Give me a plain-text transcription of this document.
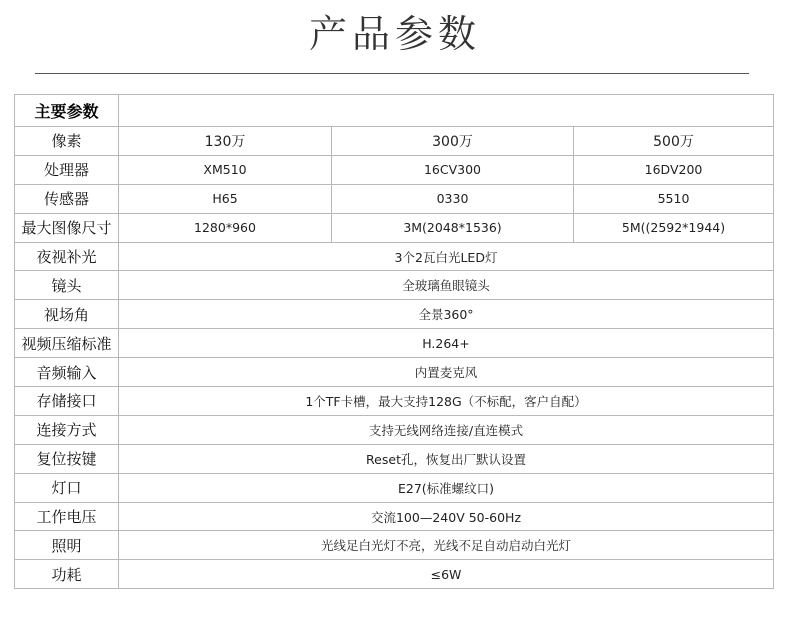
产品参数
主要参数			
像素	130万	300万	500万
处理器	XM510	16CV300	16DV200
传感器	H65	0330	5510
最大图像尺寸	1280*960	3M(2048*1536)	5M((2592*1944)
夜视补光	3个2瓦白光LED灯		
镜头	全玻璃鱼眼镜头		
视场角	全景360°		
视频压缩标准	H.264+		
音频输入	内置麦克风		
存储接口	1个TF卡槽，最大支持128G（不标配，客户自配）		
连接方式	支持无线网络连接/直连模式		
复位按键	Reset孔，恢复出厂默认设置		
灯口	E27(标准螺纹口)		
工作电压	交流100—240V 50-60Hz		
照明	光线足白光灯不亮，光线不足自动启动白光灯		
功耗	≤6W		
